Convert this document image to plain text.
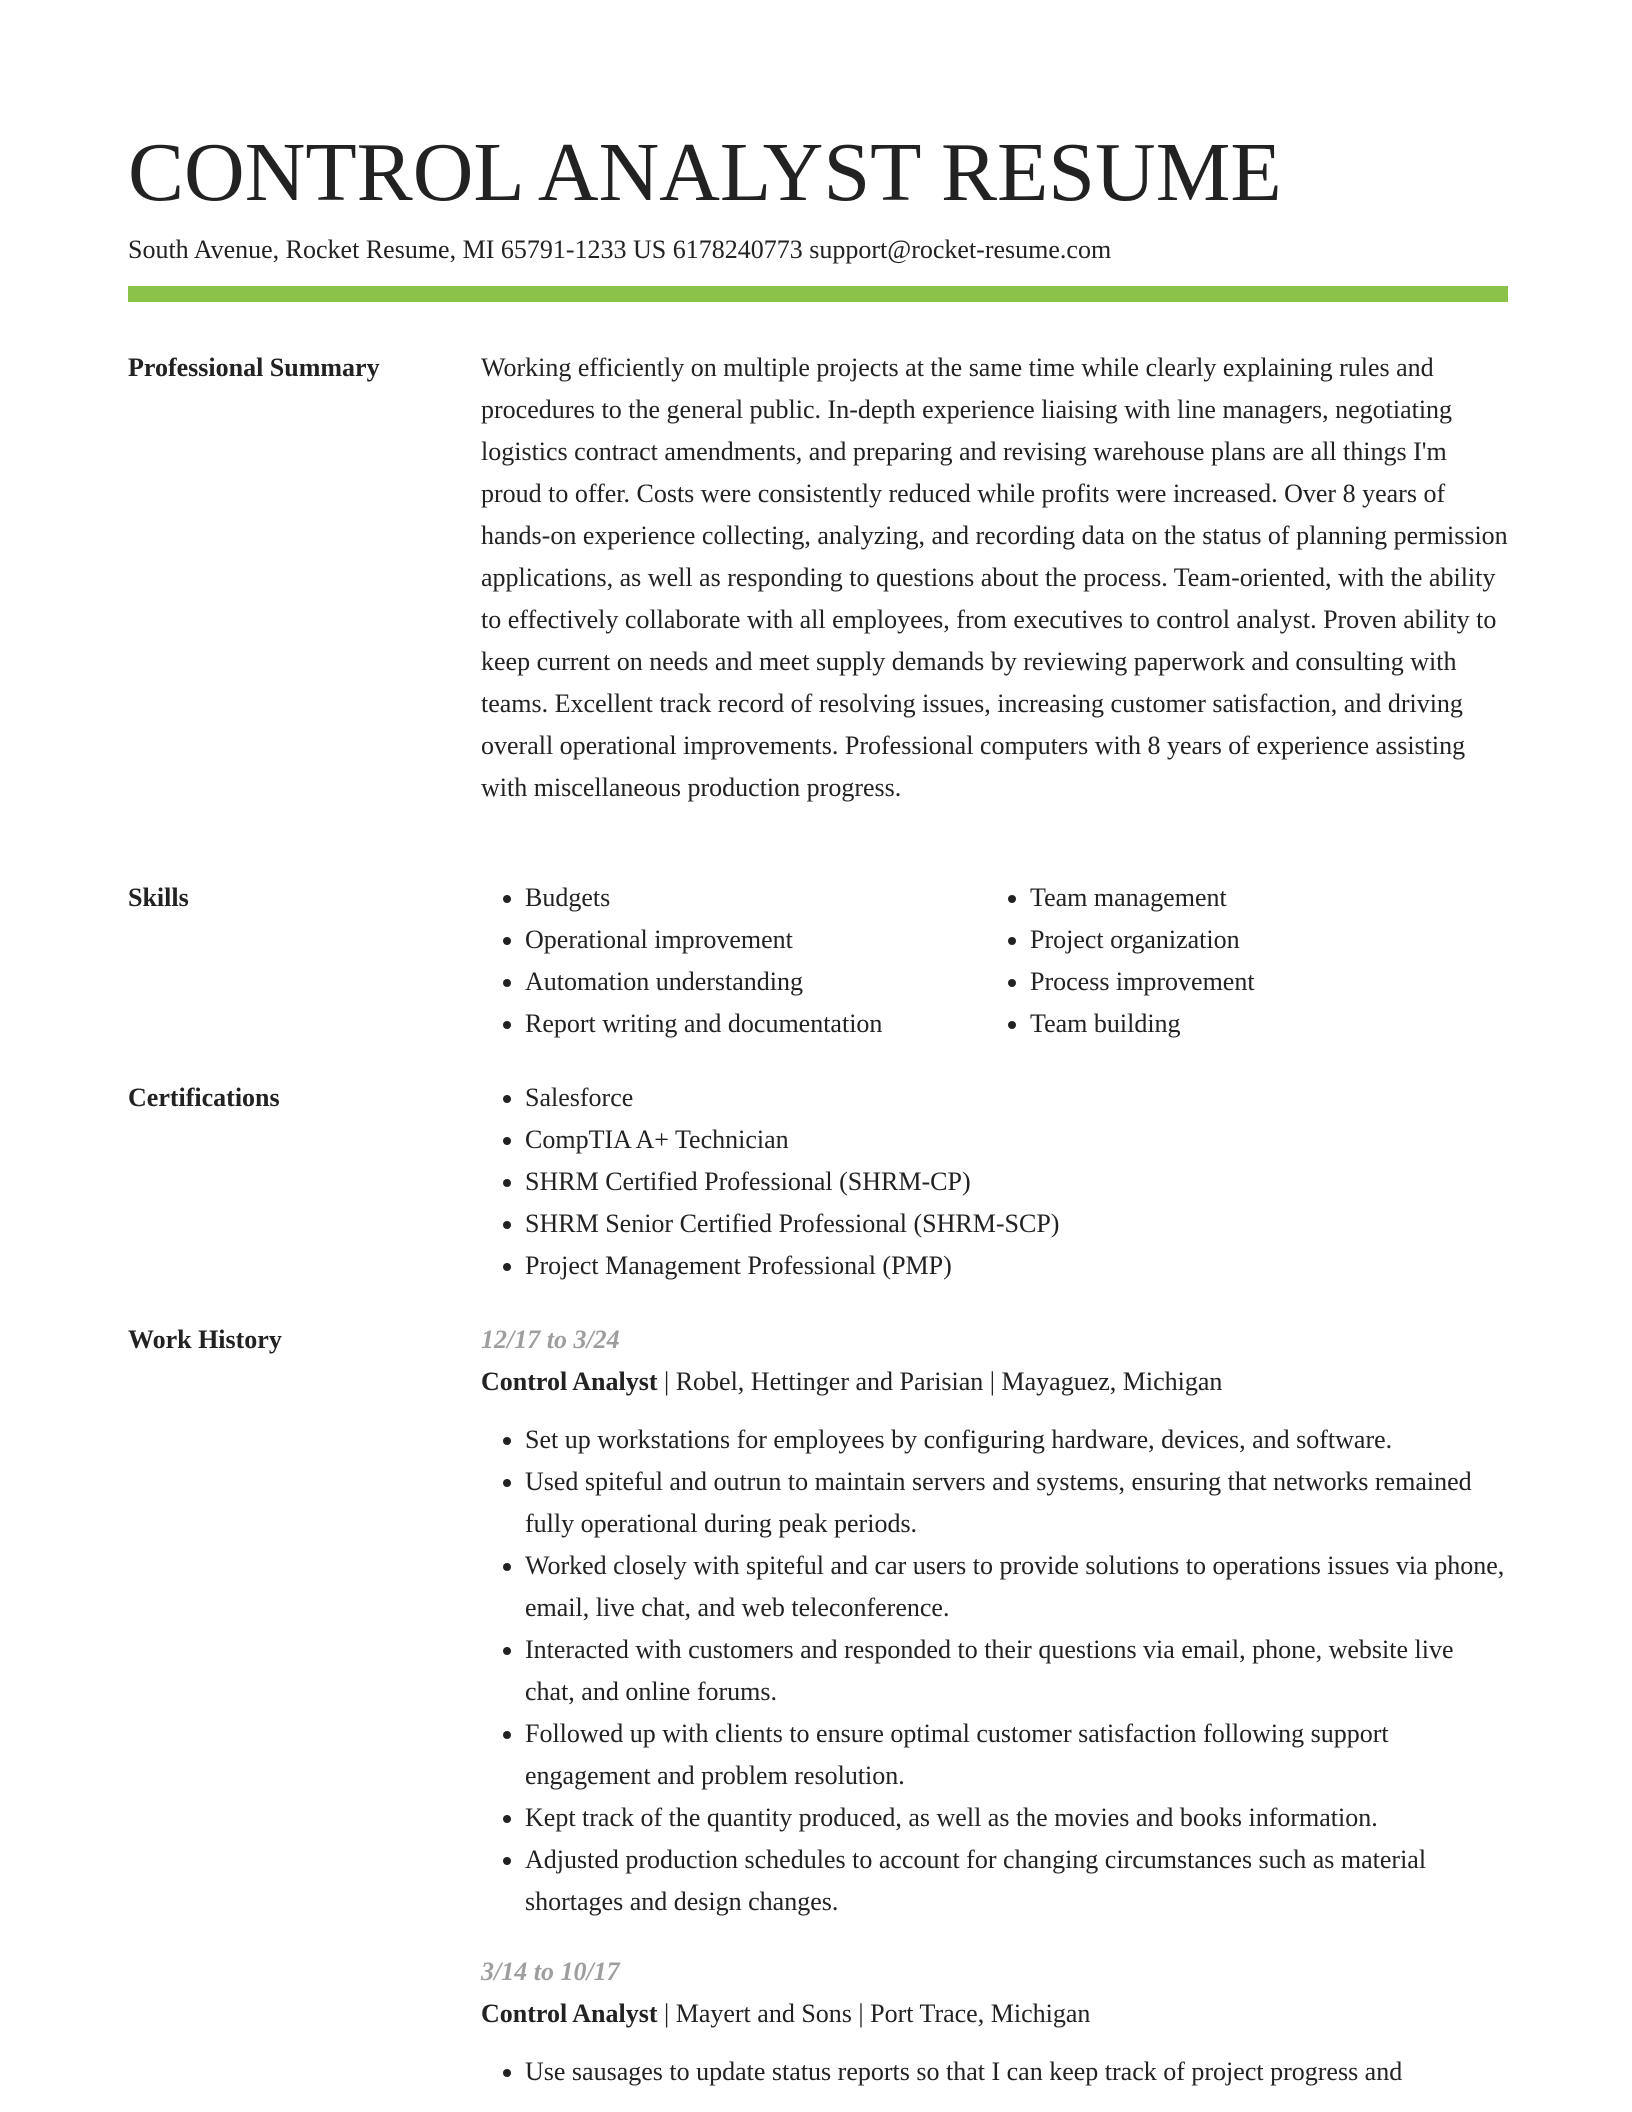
CONTROL ANALYST RESUME
South Avenue, Rocket Resume, MI 65791-1233 US 6178240773 support@rocket-resume.com
Professional Summary	Working efficiently on multiple projects at the same time while clearly explaining rules and procedures to the general public. In-depth experience liaising with line managers, negotiating logistics contract amendments, and preparing and revising warehouse plans are all things I'm proud to offer. Costs were consistently reduced while profits were increased. Over 8 years of hands-on experience collecting, analyzing, and recording data on the status of planning permission applications, as well as responding to questions about the process. Team-oriented, with the ability to effectively collaborate with all employees, from executives to control analyst. Proven ability to keep current on needs and meet supply demands by reviewing paperwork and consulting with teams. Excellent track record of resolving issues, increasing customer satisfaction, and driving overall operational improvements. Professional computers with 8 years of experience assisting with miscellaneous production progress.

Skills	• Budgets
• Operational improvement
• Automation understanding
• Report writing and documentation
• Team management
• Project organization
• Process improvement
• Team building
Certifications	• Salesforce
• CompTIA A+ Technician
• SHRM Certified Professional (SHRM-CP)
• SHRM Senior Certified Professional (SHRM-SCP)
• Project Management Professional (PMP)
Work History	12/17 to 3/24
Control Analyst | Robel, Hettinger and Parisian | Mayaguez, Michigan
• Set up workstations for employees by configuring hardware, devices, and software.
• Used spiteful and outrun to maintain servers and systems, ensuring that networks remained fully operational during peak periods.
• Worked closely with spiteful and car users to provide solutions to operations issues via phone, email, live chat, and web teleconference.
• Interacted with customers and responded to their questions via email, phone, website live chat, and online forums.
• Followed up with clients to ensure optimal customer satisfaction following support engagement and problem resolution.
• Kept track of the quantity produced, as well as the movies and books information.
• Adjusted production schedules to account for changing circumstances such as material shortages and design changes.
3/14 to 10/17
Control Analyst | Mayert and Sons | Port Trace, Michigan
• Use sausages to update status reports so that I can keep track of project progress and
